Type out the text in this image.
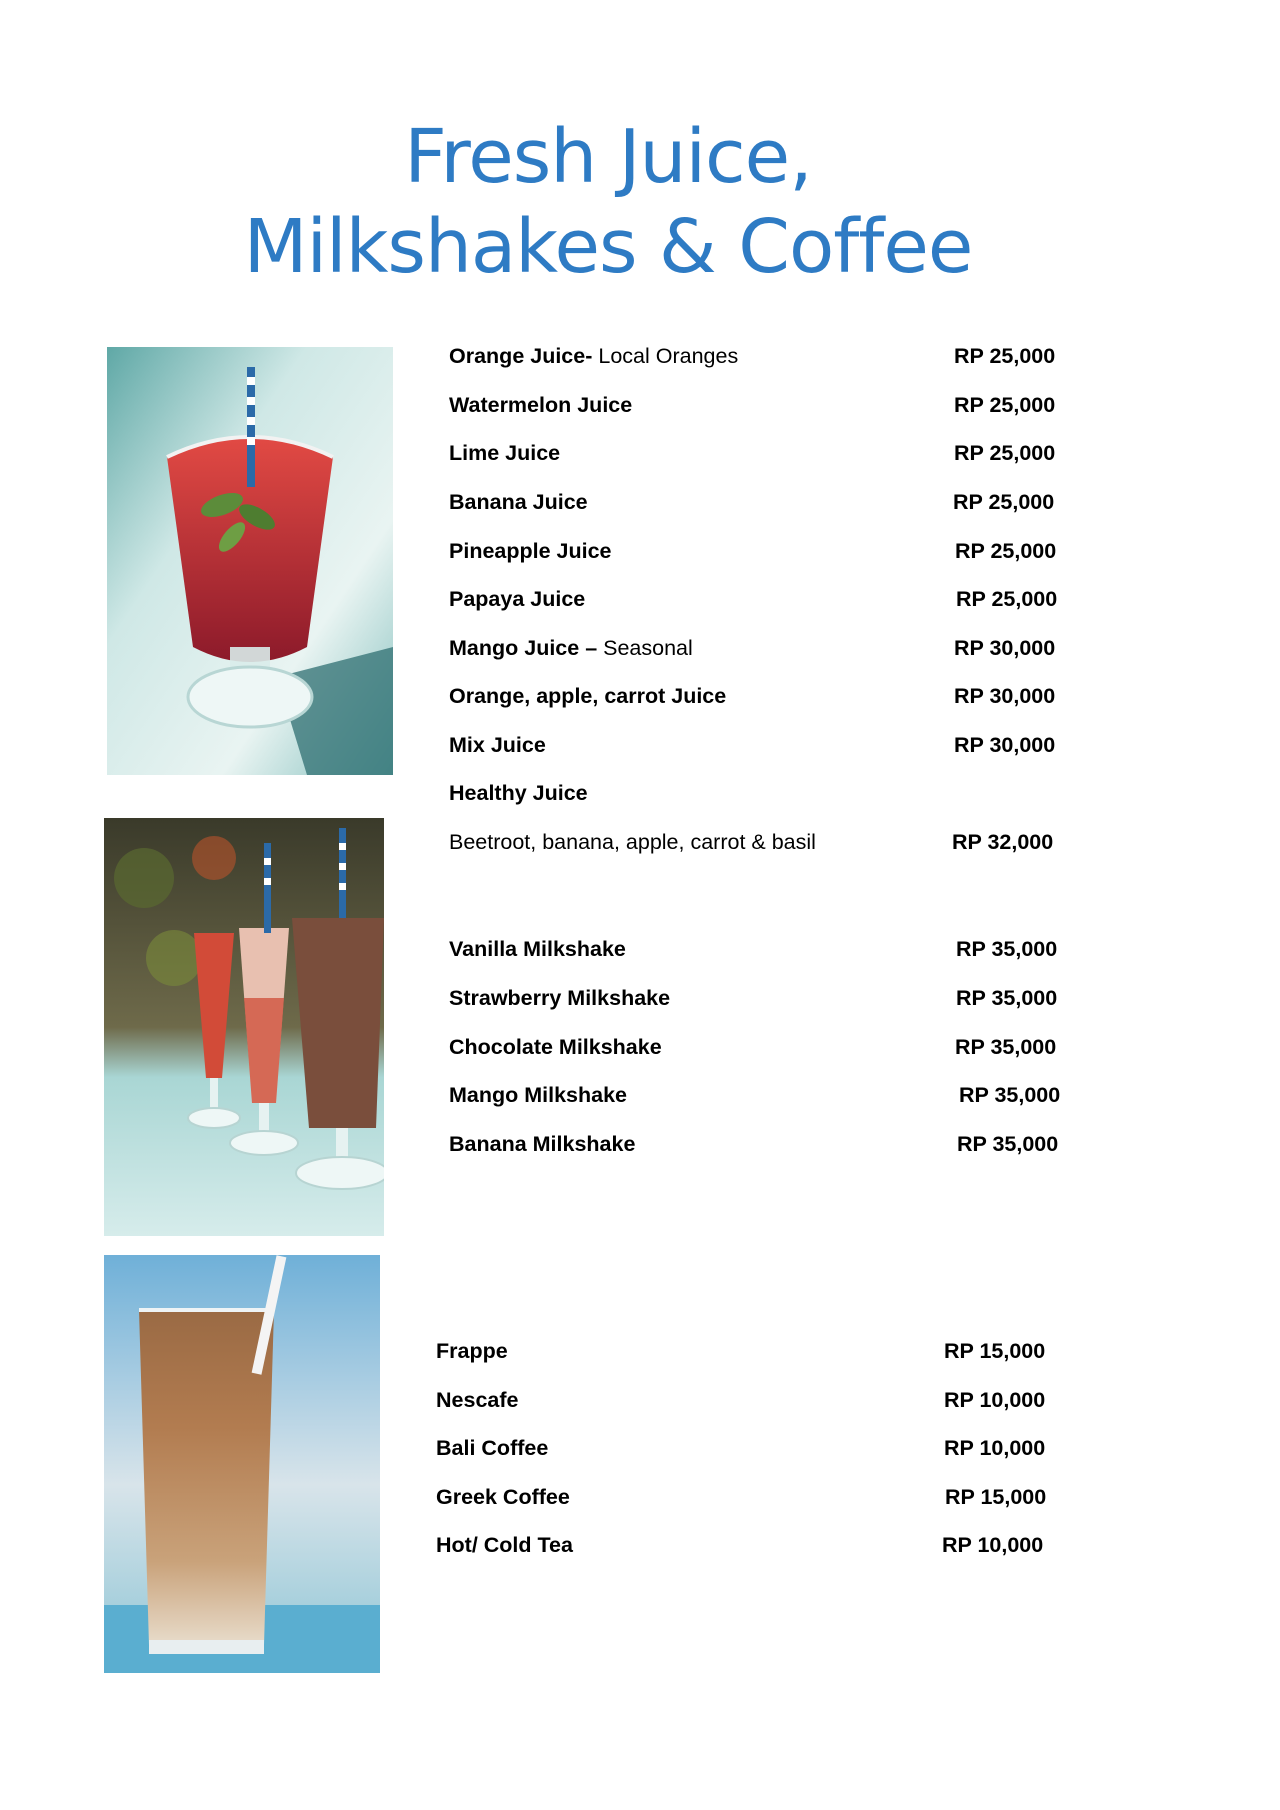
Fresh Juice,
Milkshakes & Coffee
Orange Juice- Local Oranges	RP 25,000
Watermelon Juice	RP 25,000
Lime Juice	RP 25,000
Banana Juice	RP 25,000
Pineapple Juice	RP 25,000
Papaya Juice	RP 25,000
Mango Juice – Seasonal	RP 30,000
Orange, apple, carrot Juice	RP 30,000
Mix Juice	RP 30,000
Healthy Juice
Beetroot, banana, apple, carrot & basil	RP 32,000
Vanilla Milkshake	RP 35,000
Strawberry Milkshake	RP 35,000
Chocolate Milkshake	RP 35,000
Mango Milkshake	RP 35,000
Banana Milkshake	RP 35,000
Frappe	RP 15,000
Nescafe	RP 10,000
Bali Coffee	RP 10,000
Greek Coffee	RP 15,000
Hot/ Cold Tea	RP 10,000
